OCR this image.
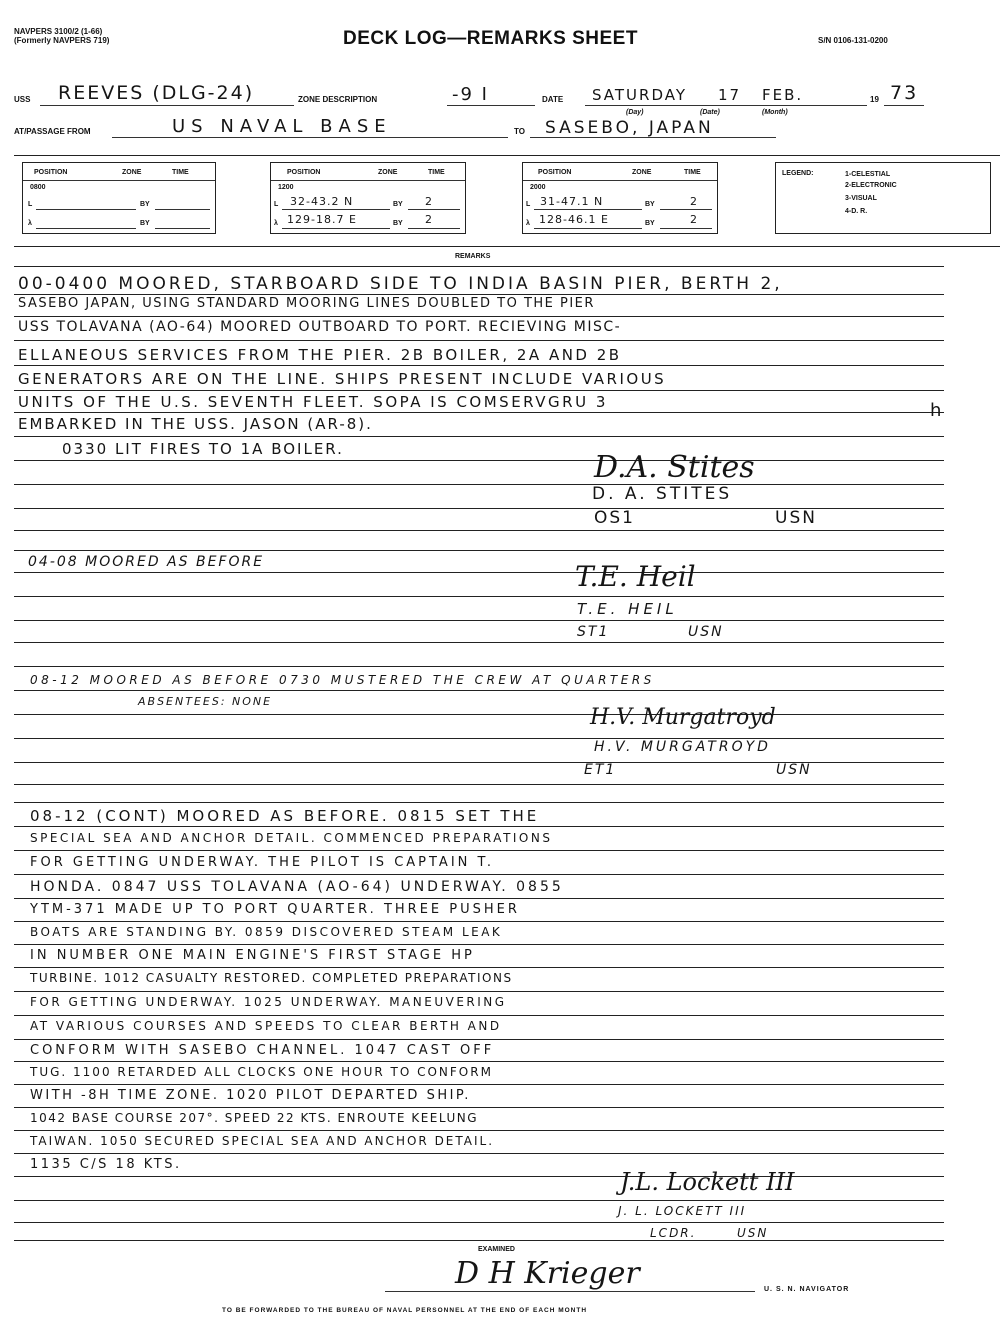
NAVPERS 3100/2 (1-66)
(Formerly NAVPERS 719)	DECK LOG—REMARKS SHEET	S/N 0106-131-0200
USS REEVES (DLG-24)	ZONE DESCRIPTION	-9 I	DATE SATURDAY 17 FEB.	19 73
(Day)	(Date)	(Month)
AT/PASSAGE FROM	US NAVAL BASE	TO SASEBO, JAPAN
POSITION	ZONE	TIME
0800
L	BY
λ	BY
POSITION	ZONE	TIME
1200
L 32-43.2 N	BY 2
λ 129-18.7 E	BY 2
POSITION	ZONE	TIME
2000
L 31-47.1 N	BY	2
λ 128-46.1 E	BY	2
LEGEND:	1-CELESTIAL
2-ELECTRONIC
3-VISUAL
4-D. R.
REMARKS
00-0400 MOORED, STARBOARD SIDE TO INDIA BASIN PIER, BERTH 2,
SASEBO JAPAN, USING STANDARD MOORING LINES DOUBLED TO THE PIER
USS TOLAVANA (AO-64) MOORED OUTBOARD TO PORT. RECIEVING MISC-
ELLANEOUS SERVICES FROM THE PIER. 2B BOILER, 2A AND 2B
GENERATORS ARE ON THE LINE. SHIPS PRESENT INCLUDE VARIOUS
UNITS OF THE U.S. SEVENTH FLEET. SOPA IS COMSERVGRU 3
EMBARKED IN THE USS. JASON (AR-8).
0330 LIT FIRES TO 1A BOILER.
D.A. Stites
D. A. STITES
OS1	USN
h
04-08 MOORED AS BEFORE	T.E. Heil
T.E. HEIL
ST1	USN
08-12 MOORED AS BEFORE 0730 MUSTERED THE CREW AT QUARTERS
ABSENTEES: NONE
H.V. Murgatroyd
H.V. MURGATROYD
ET1	USN
08-12 (CONT) MOORED AS BEFORE. 0815 SET THE
SPECIAL SEA AND ANCHOR DETAIL. COMMENCED PREPARATIONS
FOR GETTING UNDERWAY. THE PILOT IS CAPTAIN T.
HONDA. 0847 USS TOLAVANA (AO-64) UNDERWAY. 0855
YTM-371 MADE UP TO PORT QUARTER. THREE PUSHER
BOATS ARE STANDING BY. 0859 DISCOVERED STEAM LEAK
IN NUMBER ONE MAIN ENGINE'S FIRST STAGE HP
TURBINE. 1012 CASUALTY RESTORED. COMPLETED PREPARATIONS
FOR GETTING UNDERWAY. 1025 UNDERWAY. MANEUVERING
AT VARIOUS COURSES AND SPEEDS TO CLEAR BERTH AND
CONFORM WITH SASEBO CHANNEL. 1047 CAST OFF
TUG. 1100 RETARDED ALL CLOCKS ONE HOUR TO CONFORM
WITH -8H TIME ZONE. 1020 PILOT DEPARTED SHIP.
1042 BASE COURSE 207°. SPEED 22 KTS. ENROUTE KEELUNG
TAIWAN. 1050 SECURED SPECIAL SEA AND ANCHOR DETAIL.
1135 C/S 18 KTS.
J.L. Lockett III
J. L. LOCKETT III
LCDR.	USN
EXAMINED
D H Krieger	U. S. N. NAVIGATOR
TO BE FORWARDED TO THE BUREAU OF NAVAL PERSONNEL AT THE END OF EACH MONTH
